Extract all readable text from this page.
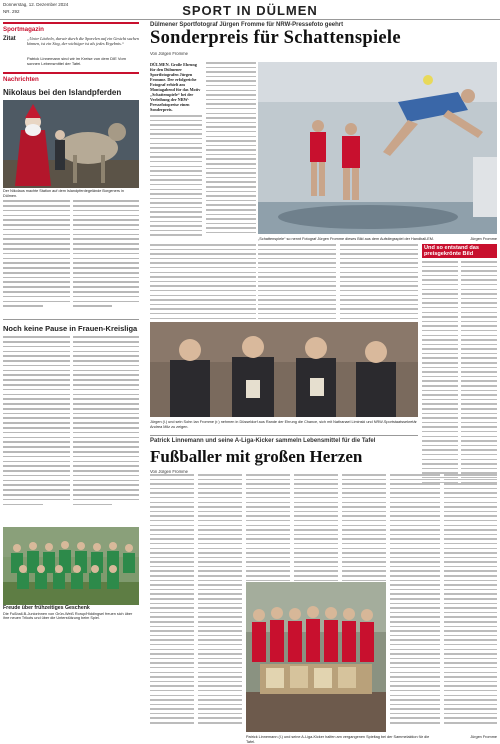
Donnerstag, 12. Dezember 2024
NR. 292	SPORT IN DÜLMEN
Sportmagazin
Zitat	„Unter Lächeln, durwir durch die Sporelen auf ein Gesicht suchen können, ist ein Sieg, der wichtiger ist als jedes Ergebnis.“
Patrick Linnemann sind wir im Kreise von dem DIE Vom sonnen Lebensmittel der Tafel.
Nachrichten
Nikolaus bei den Islandpferden
Der Nikolaus machte Station auf dem Islandpferdegelände Borgeners in Dülmen.
Noch keine Pause in Frauen-Kreisliga
Freude über frühzeitiges Geschenk
Die Fußball-B-Juniorinnen von Grün-Weiß Rorup/Hiddingsel freuen sich über ihre neuen Trikots und über die Unterstützung beim Spiel.
Dülmener Sportfotograf Jürgen Fromme für NRW-Pressefoto geehrt
Sonderpreis für Schattenspiele
Von Jürgen Fromme
DÜLMEN. Große Ehrung für den Dülmener Sportfotografen Jürgen Fromme. Der erfolgreiche Fotograf erhielt am Montagabend für das Motiv „Schattenspiele“ bei der Verleihung der NRW-Pressefotopreise einen Sonderpreis.
„Schattenspiele“ so nennt Fotograf Jürgen Fromme dieses Bild aus dem Aufstiegsspiel der Handball-EM.	Jürgen Fromme
Und so entstand das preisgekrönte Bild
Jürgen (l.) und sein Sohn Ian Fromme (r.) nehmen in Düsseldorf aus Rande der Ehrung die Chance, sich mit Nathanael Liminski und NRW-Sportstaatssekretär Andrea Milz zu zeigen.
Patrick Linnemann und seine A-Liga-Kicker sammeln Lebensmittel für die Tafel
Fußballer mit großen Herzen
Von Jürgen Fromme
Patrick Linnemann (l.) und seine A-Liga-Kicker halfen am vergangenen Spieltag bei der Sammelaktion für die Tafel.
Jürgen Fromme
